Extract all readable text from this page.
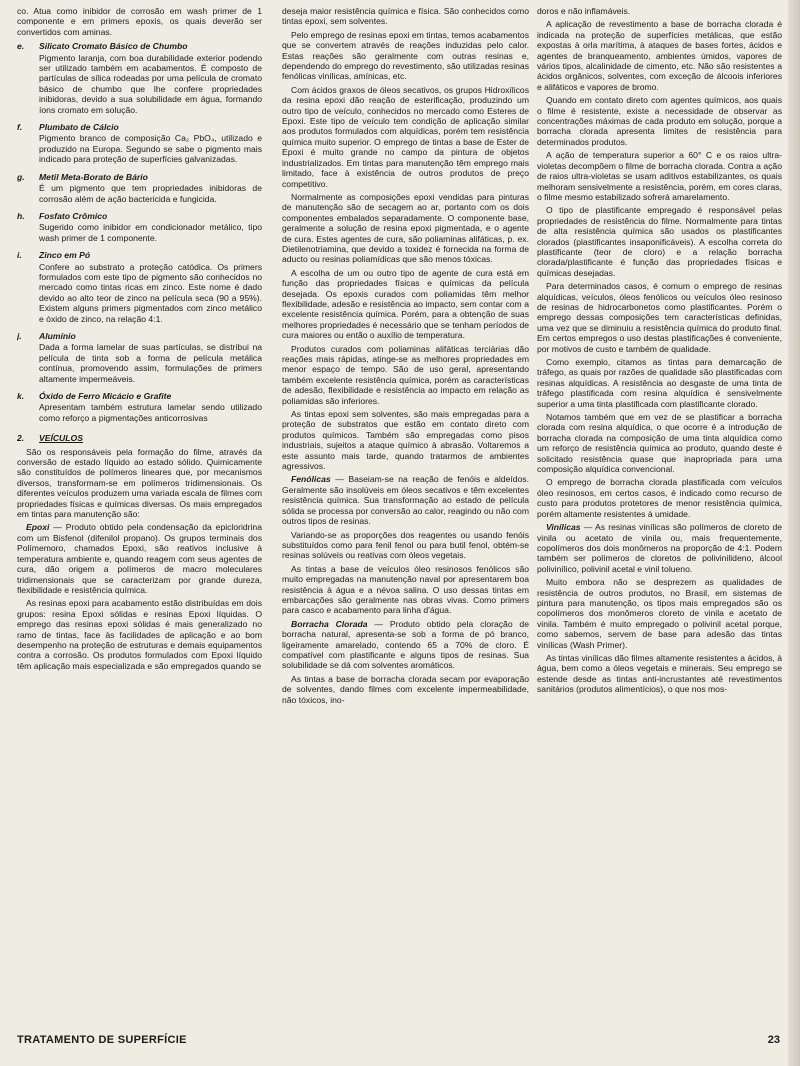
co. Atua como inibidor de corrosão em wash primer de 1 componente e em primers epoxis, os quais deverão ser convertidos com aminas.

e. Silicato Cromato Básico de Chumbo
Pigmento laranja, com boa durabilidade exterior podendo ser utilizado também em acabamentos. É composto de partículas de sílica rodeadas por uma película de cromato básico de chumbo que lhe confere propriedades inibidoras, devido a sua solubilidade em água, formando íons cromato em solução.
f. Plumbato de Cálcio
Pigmento branco de composição Ca₂ PbO₄, utilizado e produzido na Europa. Segundo se sabe o pigmento mais indicado para proteção de superfícies galvanizadas.
g. Metil Meta-Borato de Bário
É um pigmento que tem propriedades inibidoras de corrosão além de ação bactericida e fungicida.
h. Fosfato Crômico
Sugerido como inibidor em condicionador metálico, tipo wash primer de 1 componente.
i. Zinco em Pó
Confere ao substrato a proteção catódica. Os primers formulados com este tipo de pigmento são conhecidos no mercado como tintas ricas em zinco. Este nome é dado devido ao alto teor de zinco na película seca (90 a 95%). Existem alguns primers pigmentados com zinco metálico e óxido de zinco, na relação 4:1.
j. Alumínio
Dada a forma lamelar de suas partículas, se distribui na película de tinta sob a forma de película metálica contínua, promovendo assim, formulações de primers altamente impermeáveis.
k. Óxido de Ferro Micácio e Grafite
Apresentam também estrutura lamelar sendo utilizado como reforço a pigmentações anticorrosivas
2. VEÍCULOS

São os responsáveis pela formação do filme, através da conversão de estado líquido ao estado sólido. Quimicamente são constituídos de polímeros lineares que, por mecanismos diversos, transformam-se em polímeros tridimensionais. Os diferentes veículos produzem uma variada escala de filmes com propriedades físicas e químicas diversas. Os mais empregados em tintas para manutenção são:

Epoxi — Produto obtido pela condensação da epicloridrina com um Bisfenol (difenilol propano). Os grupos terminais dos Polímemoro, chamados Epoxi, são reativos inclusive à temperatura ambiente e, quando reagem com seus agentes de cura, dão origem a polímeros de macro moleculares tridimensionais que se caracterizam por grande dureza, flexibilidade e resistência química.

As resinas epoxi para acabamento estão distribuídas em dois grupos: resina Epoxi sólidas e resinas Epoxi líquidas. O emprego das resinas epoxi sólidas é mais generalizado no ramo de tintas, face às facilidades de aplicação e ao bom desempenho na proteção de estruturas e demais equipamentos contra a corrosão. Os produtos formulados com Epoxi líquido têm aplicação mais especializada e são empregados quando se

deseja maior resistência química e física. São conhecidos como tintas epoxi, sem solventes.

Pelo emprego de resinas epoxi em tintas, temos acabamentos que se convertem através de reações induzidas pelo calor. Estas reações são geralmente com outras resinas e, dependendo do emprego do revestimento, são utilizadas resinas fenólicas vinílicas, amínicas, etc.

Com ácidos graxos de óleos secativos, os grupos Hidroxílicos da resina epoxi dão reação de esterificação, produzindo um outro tipo de veículo, conhecidos no mercado como Esteres de Epoxi. Este tipo de veículo tem condição de aplicação similar aos produtos formulados com alquídicas, porém tem resistência química muito superior. O emprego de tintas a base de Ester de Epoxi é muito grande no campo da pintura de objetos industrializados. Em tintas para manutenção têm emprego mais limitado, face à existência de outros produtos de preço competitivo.

Normalmente as composições epoxi vendidas para pinturas de manutenção são de secagem ao ar, portanto com os dois componentes embalados separadamente. O componente base, geralmente a solução de resina epoxi pigmentada, e o agente de cura. Estes agentes de cura, são poliaminas alifáticas, p. ex. Dietilenotriamina, que devido a toxidez é fornecida na forma de aducto ou resinas poliamídicas que são menos tóxicas.

A escolha de um ou outro tipo de agente de cura está em função das propriedades físicas e químicas da película desejada. Os epoxis curados com poliamidas têm melhor flexibilidade, adesão e resistência ao impacto, sem contar com a excelente resistência química. Porém, para a obtenção de suas melhores propriedades é necessário que se tenham períodos de cura maiores ou então o auxílio de temperatura.

Produtos curados com poliaminas alifáticas terciárias dão reações mais rápidas, atinge-se as melhores propriedades em menor espaço de tempo. São de uso geral, apresentando também excelente resistência química, porém as características de adesão, flexibilidade e resistência ao impacto em relação as poliamidas são inferiores.

As tintas epoxi sem solventes, são mais empregadas para a proteção de substratos que estão em contato direto com produtos químicos. Também são empregadas como pisos industriais, sujeitos a ataque químico à abrasão. Voltaremos a este assunto mais tarde, quando tratarmos de ambientes agressivos.

Fenólicas — Baseiam-se na reação de fenóis e aldeídos. Geralmente são insolúveis em óleos secativos e têm excelentes resistência química. Sua transformação ao estado de película sólida se processa por conversão ao calor, reagindo ou não com outros tipos de resinas.

Variando-se as proporções dos reagentes ou usando fenóis substituídos como para fenil fenol ou para butil fenol, obtém-se resinas solúveis ou reativas com óleos vegetais.

As tintas a base de veículos óleo resinosos fenólicos são muito empregadas na manutenção naval por apresentarem boa resistência à água e a névoa salina. O uso dessas tintas em embarcações são geralmente nas obras vivas. Como primers para casco e acabamento para linha d'água.

Borracha Clorada — Produto obtido pela cloração de borracha natural, apresenta-se sob a forma de pó branco, ligeiramente amarelado, contendo 65 a 70% de cloro. É compatível com plastificante e alguns tipos de resinas. Sua solubilidade se dá com solventes aromáticos.

As tintas a base de borracha clorada secam por evaporação de solventes, dando filmes com excelente impermeabilidade, não tóxicos, ino-

doros e não inflamáveis.

A aplicação de revestimento a base de borracha clorada é indicada na proteção de superfícies metálicas, que estão expostas à orla marítima, à ataques de bases fortes, ácidos e agentes de branqueamento, ambientes úmidos, vapores de vários tipos, alcalinidade de cimento, etc. Não são resistentes a ácidos orgânicos, solventes, com exceção de álcoois inferiores e alifáticos e vapores de bromo.

Quando em contato direto com agentes químicos, aos quais o filme é resistente, existe a necessidade de observar as concentrações máximas de cada produto em solução, porque a borracha clorada apresenta limites de resistência para determinados produtos.

A ação de temperatura superior a 60° C e os raios ultra-violetas decompõem o filme de borracha clorada. Contra a ação de raios ultra-violetas se usam aditivos estabilizantes, os quais melhoram sensivelmente a resistência, porém, em cores claras, o filme mesmo estabilizado sofrerá amarelamento.

O tipo de plastificante empregado é responsável pelas propriedades de resistência do filme. Normalmente para tintas de alta resistência química são usados os plastificantes clorados (plastificantes insaponificáveis). A escolha correta do plastificante (teor de cloro) e a relação borracha clorada/plastificante é função das propriedades físicas e químicas desejadas.

Para determinados casos, é comum o emprego de resinas alquídicas, veículos, óleos fenólicos ou veículos óleo resinoso de resinas de hidrocarbonetos como plastificantes. Porém o emprego dessas composições tem características definidas, uma vez que se diminuiu a resistência química do produto final. Em certos empregos o uso destas plastificações é conveniente, por motivos de custo e também de qualidade.

Como exemplo, citamos as tintas para demarcação de tráfego, as quais por razões de qualidade são plastificadas com resinas alquídicas. A resistência ao desgaste de uma tinta de tráfego plastificada com resina alquídica é sensivelmente superior a uma tinta plastificada com plastificante clorado.

Notamos também que em vez de se plastificar a borracha clorada com resina alquídica, o que ocorre é a introdução de borracha clorada na composição de uma tinta alquídica como um reforço de resistência química ao produto, quando deste é solicitado resistência quase que inapropriada para uma composição alquídica convencional.

O emprego de borracha clorada plastificada com veículos óleo resinosos, em certos casos, é indicado como recurso de custo para produtos protetores de menor resistência química, porém altamente resistentes à umidade.

Vinílicas — As resinas vinílicas são polímeros de cloreto de vinila ou acetato de vinila ou, mais frequentemente, copolímeros dos dois monômeros na proporção de 4:1. Podem também ser polímeros de cloretos de polivinilideno, álcool polivinílico, polivinil acetal e vinil tolueno.

Muito embora não se desprezem as qualidades de resistência de outros produtos, no Brasil, em sistemas de pintura para manutenção, os tipos mais empregados são os copolímeros dos monômeros cloreto de vinila e acetato de vinila. Também é muito empregado o polivinil acetal porque, como sabemos, servem de base para adesão das tintas vinílicas (Wash Primer).

As tintas vinílicas dão filmes altamente resistentes a ácidos, à água, bem como a óleos vegetais e minerais. Seu emprego se estende desde as tintas anti-incrustantes até revestimentos sanitários (produtos alimentícios), o que nos mos-

TRATAMENTO DE SUPERFÍCIE	23
